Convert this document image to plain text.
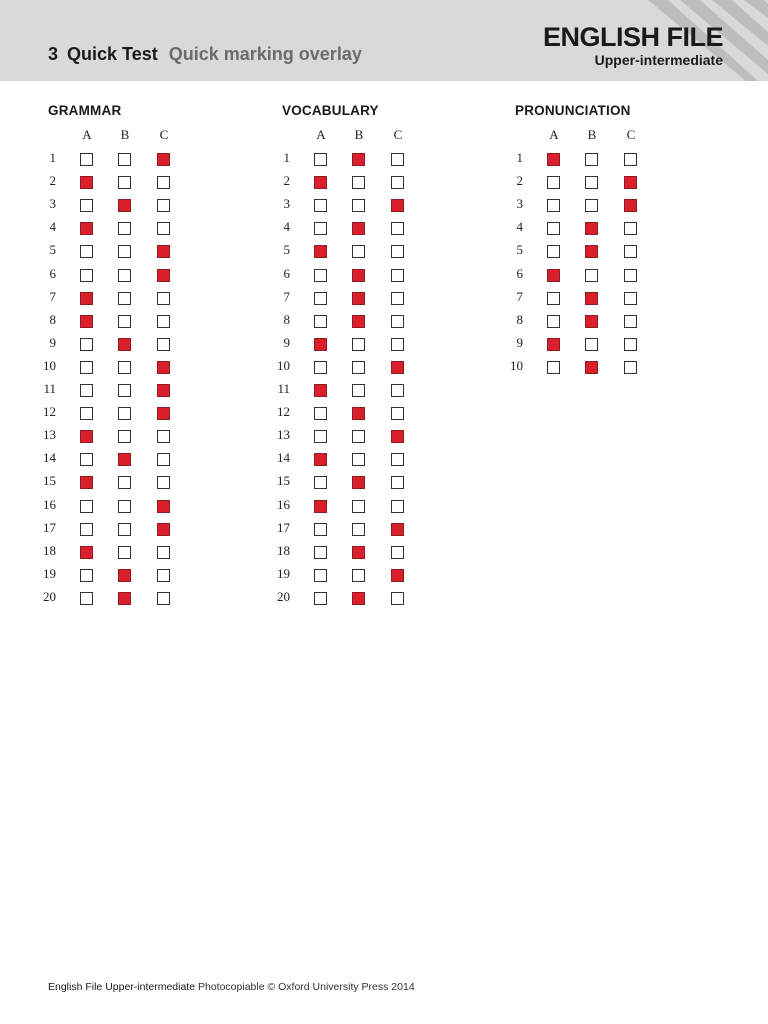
3 Quick Test Quick marking overlay
ENGLISH FILE
Upper-intermediate
GRAMMAR
A B C
1
2
3
4
5
6
7
8
9
10
11
12
13
14
15
16
17
18
19
20
VOCABULARY
A B C
1
2
3
4
5
6
7
8
9
10
11
12
13
14
15
16
17
18
19
20
PRONUNCIATION
A B C
1
2
3
4
5
6
7
8
9
10
English File Upper-intermediate Photocopiable © Oxford University Press 2014
